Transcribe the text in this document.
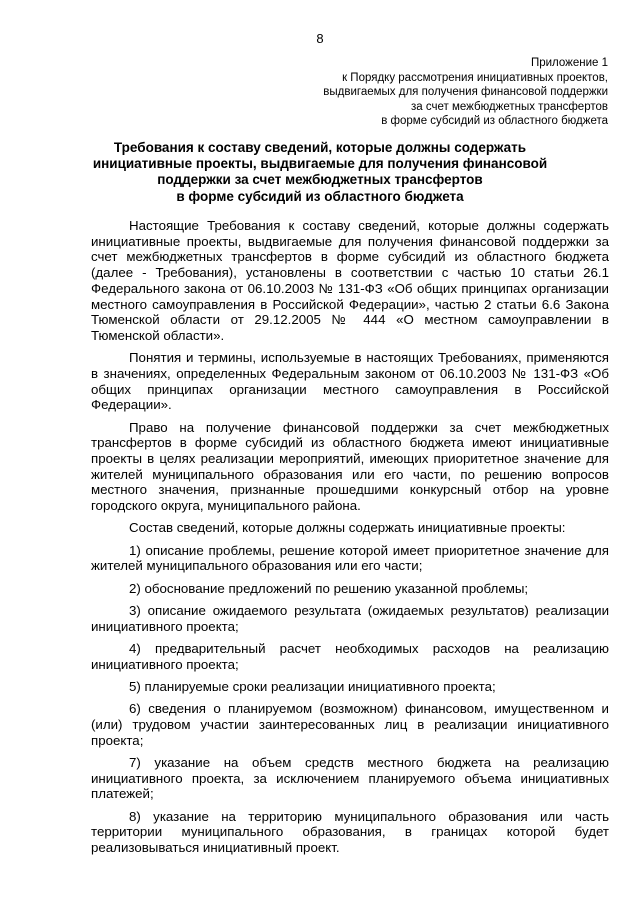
8
Приложение 1
к Порядку рассмотрения инициативных проектов,
выдвигаемых для получения финансовой поддержки
за счет межбюджетных трансфертов
в форме субсидий из областного бюджета
Требования к составу сведений, которые должны содержать
инициативные проекты, выдвигаемые для получения финансовой
поддержки за счет межбюджетных трансфертов
в форме субсидий из областного бюджета

Настоящие Требования к составу сведений, которые должны содержать инициативные проекты, выдвигаемые для получения финансовой поддержки за счет межбюджетных трансфертов в форме субсидий из областного бюджета (далее - Требования), установлены в соответствии с частью 10 статьи 26.1 Федерального закона от 06.10.2003 № 131-ФЗ «Об общих принципах организации местного самоуправления в Российской Федерации», частью 2 статьи 6.6 Закона Тюменской области от 29.12.2005 № 444 «О местном самоуправлении в Тюменской области».

Понятия и термины, используемые в настоящих Требованиях, применяются в значениях, определенных Федеральным законом от 06.10.2003 № 131-ФЗ «Об общих принципах организации местного самоуправления в Российской Федерации».

Право на получение финансовой поддержки за счет межбюджетных трансфертов в форме субсидий из областного бюджета имеют инициативные проекты в целях реализации мероприятий, имеющих приоритетное значение для жителей муниципального образования или его части, по решению вопросов местного значения, признанные прошедшими конкурсный отбор на уровне городского округа, муниципального района.

Состав сведений, которые должны содержать инициативные проекты:

1) описание проблемы, решение которой имеет приоритетное значение для жителей муниципального образования или его части;

2) обоснование предложений по решению указанной проблемы;

3) описание ожидаемого результата (ожидаемых результатов) реализации инициативного проекта;

4) предварительный расчет необходимых расходов на реализацию инициативного проекта;

5) планируемые сроки реализации инициативного проекта;

6) сведения о планируемом (возможном) финансовом, имущественном и (или) трудовом участии заинтересованных лиц в реализации инициативного проекта;

7) указание на объем средств местного бюджета на реализацию инициативного проекта, за исключением планируемого объема инициативных платежей;

8) указание на территорию муниципального образования или часть территории муниципального образования, в границах которой будет реализовываться инициативный проект.
